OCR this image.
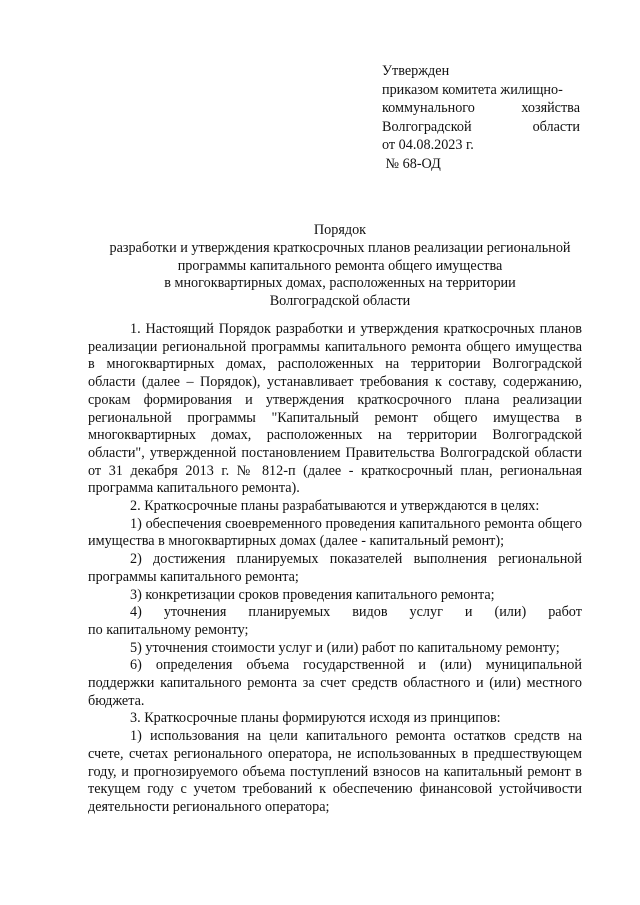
Утвержден
приказом комитета жилищно-
коммунального	хозяйства
Волгоградской	области
от 04.08.2023 г.
№ 68-ОД
Порядок
разработки и утверждения краткосрочных планов реализации региональной
программы капитального ремонта общего имущества
в многоквартирных домах, расположенных на территории
Волгоградской области

1. Настоящий Порядок разработки и утверждения краткосрочных планов реализации региональной программы капитального ремонта общего имущества в многоквартирных домах, расположенных на территории Волгоградской области (далее – Порядок), устанавливает требования к составу, содержанию, срокам формирования и утверждения краткосрочного плана реализации региональной программы "Капитальный ремонт общего имущества в многоквартирных домах, расположенных на территории Волгоградской области", утвержденной постановлением Правительства Волгоградской области от 31 декабря 2013 г. № 812-п (далее - краткосрочный план, региональная программа капитального ремонта).

2. Краткосрочные планы разрабатываются и утверждаются в целях:

1) обеспечения своевременного проведения капитального ремонта общего имущества в многоквартирных домах (далее - капитальный ремонт);

2) достижения планируемых показателей выполнения региональной программы капитального ремонта;

3) конкретизации сроков проведения капитального ремонта;

4) уточнения планируемых видов услуг и (или) работ
по капитальному ремонту;

5) уточнения стоимости услуг и (или) работ по капитальному ремонту;

6) определения объема государственной и (или) муниципальной поддержки капитального ремонта за счет средств областного и (или) местного бюджета.

3. Краткосрочные планы формируются исходя из принципов:

1) использования на цели капитального ремонта остатков средств на счете, счетах регионального оператора, не использованных в предшествующем году, и прогнозируемого объема поступлений взносов на капитальный ремонт в текущем году с учетом требований к обеспечению финансовой устойчивости деятельности регионального оператора;
